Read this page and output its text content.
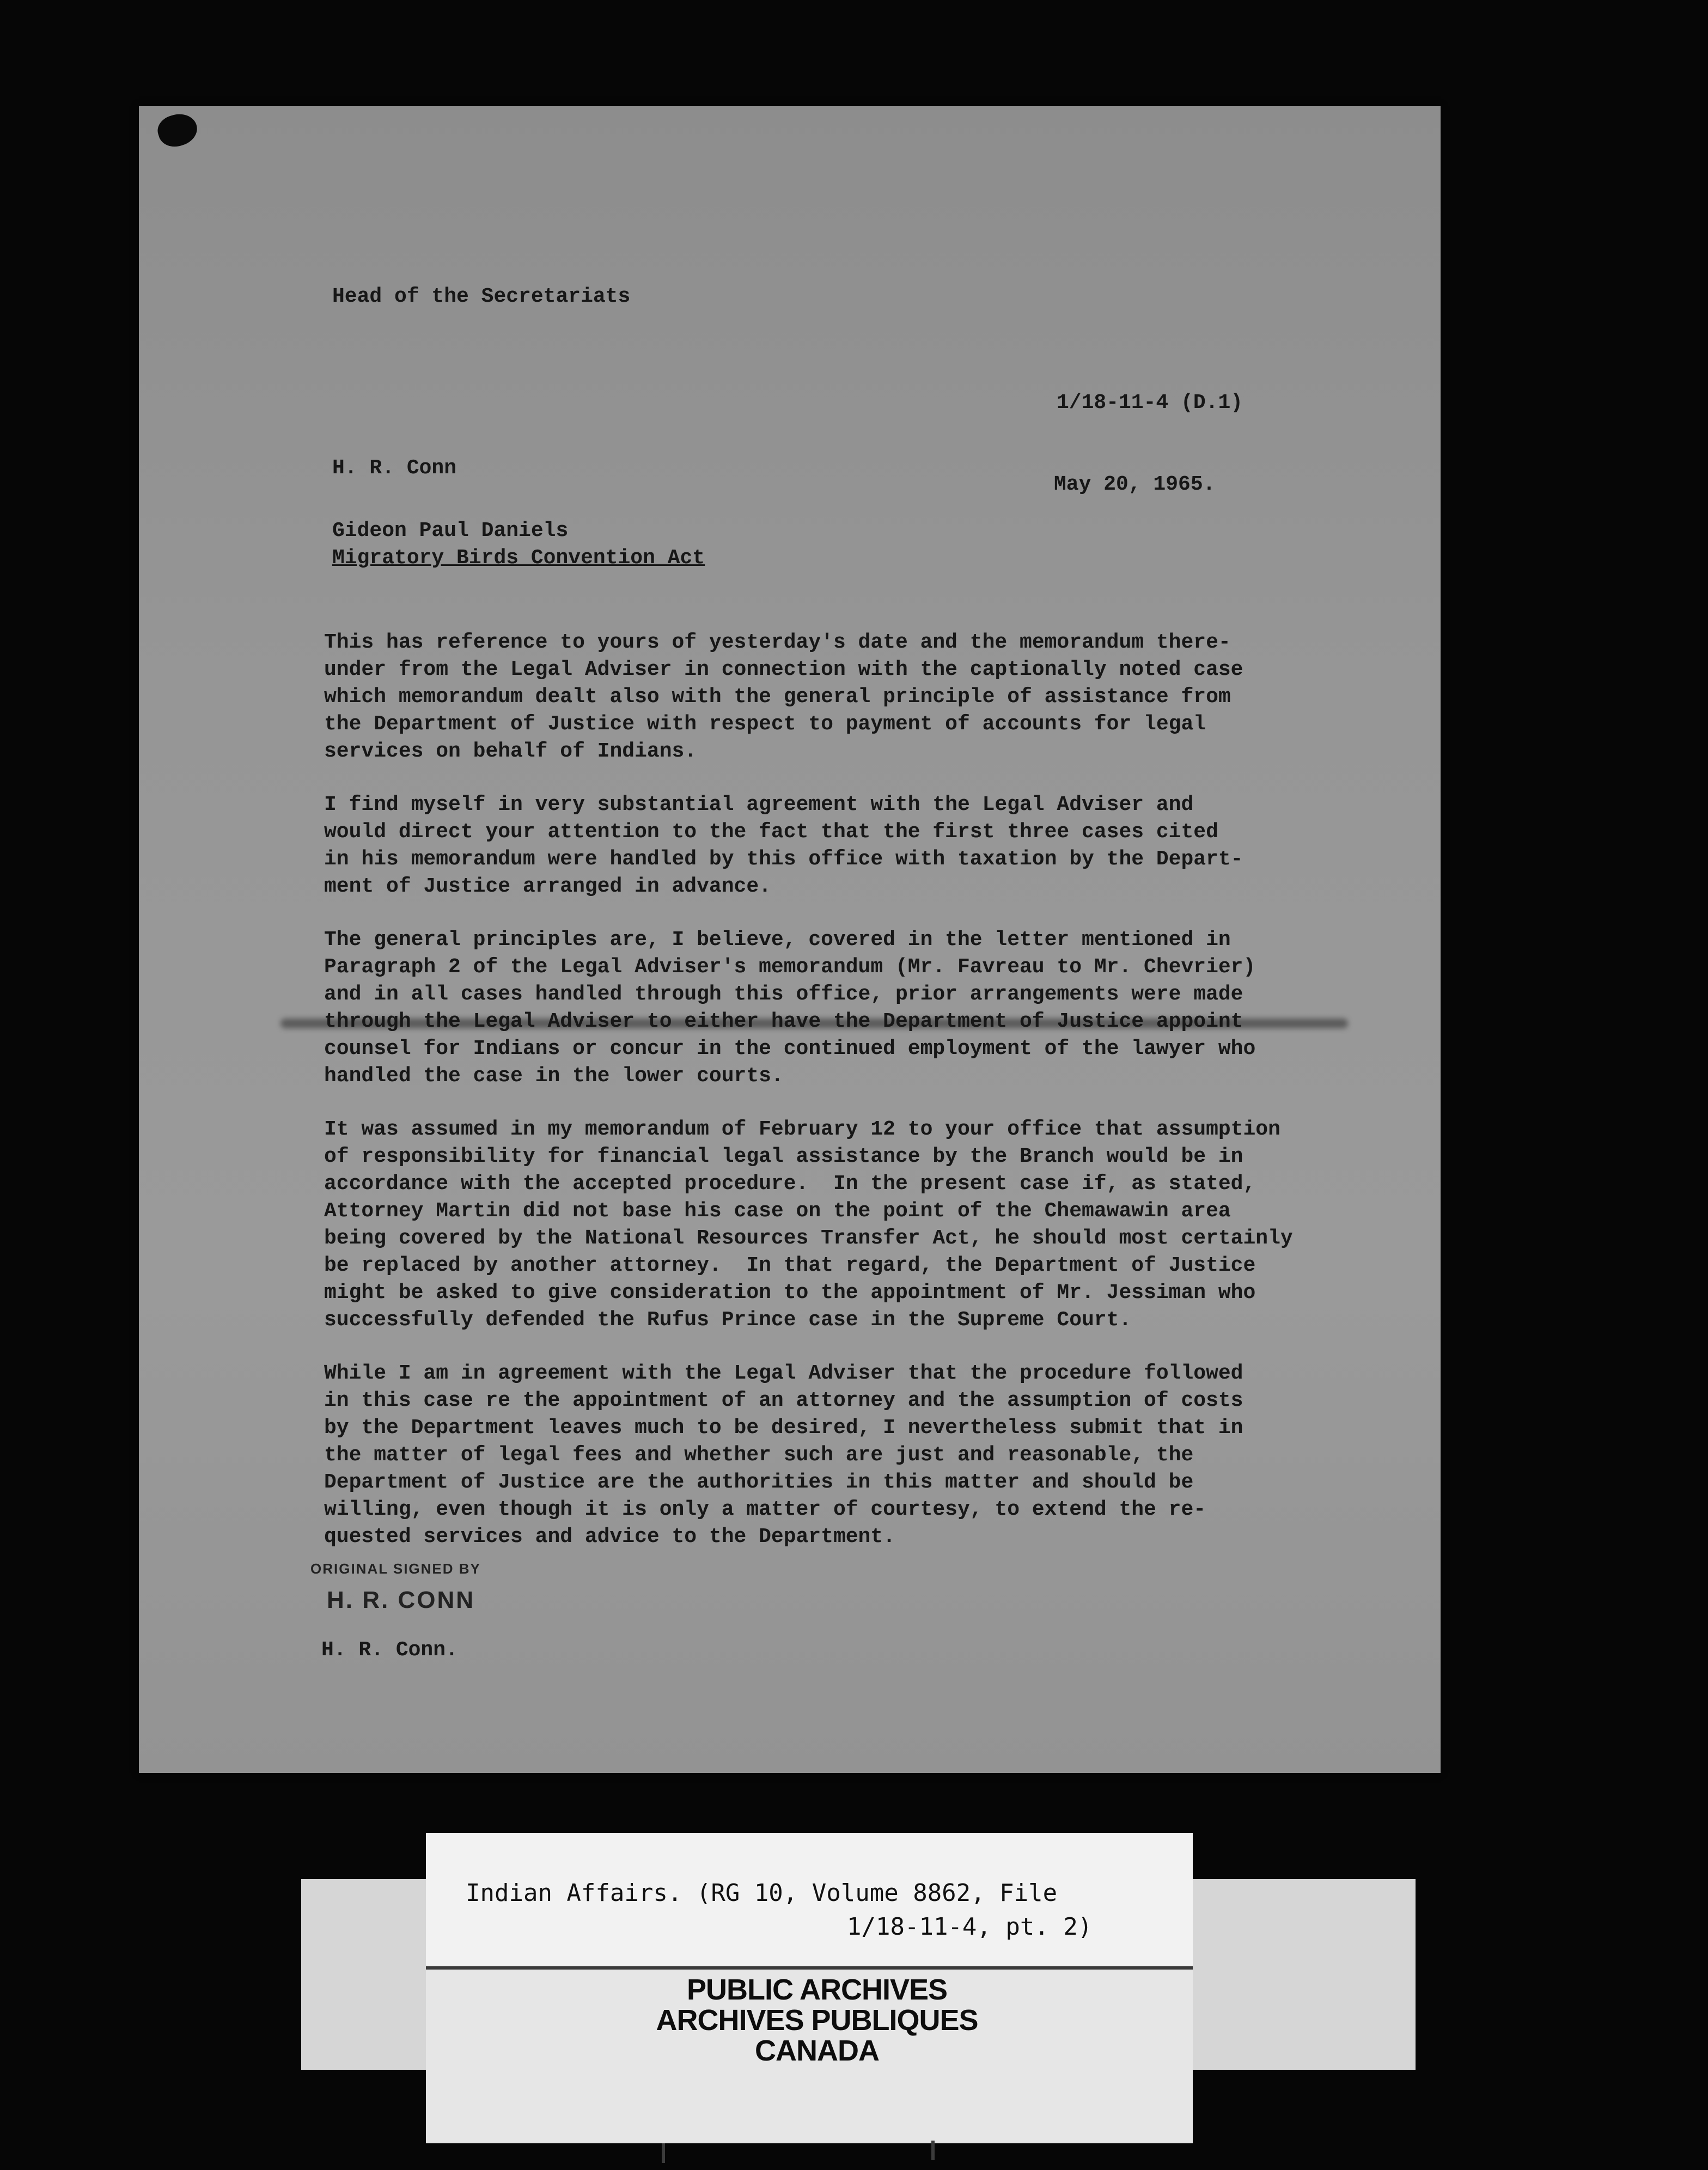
Head of the Secretariats
1/18-11-4 (D.1)
H. R. Conn
May 20, 1965.
Gideon Paul Daniels
Migratory Birds Convention Act

This has reference to yours of yesterday's date and the memorandum there-
under from the Legal Adviser in connection with the captionally noted case
which memorandum dealt also with the general principle of assistance from
the Department of Justice with respect to payment of accounts for legal
services on behalf of Indians.

I find myself in very substantial agreement with the Legal Adviser and
would direct your attention to the fact that the first three cases cited
in his memorandum were handled by this office with taxation by the Depart-
ment of Justice arranged in advance.

The general principles are, I believe, covered in the letter mentioned in
Paragraph 2 of the Legal Adviser's memorandum (Mr. Favreau to Mr. Chevrier)
and in all cases handled through this office, prior arrangements were made
through the Legal Adviser to either have the Department of Justice appoint
counsel for Indians or concur in the continued employment of the lawyer who
handled the case in the lower courts.

It was assumed in my memorandum of February 12 to your office that assumption
of responsibility for financial legal assistance by the Branch would be in
accordance with the accepted procedure.  In the present case if, as stated,
Attorney Martin did not base his case on the point of the Chemawawin area
being covered by the National Resources Transfer Act, he should most certainly
be replaced by another attorney.  In that regard, the Department of Justice
might be asked to give consideration to the appointment of Mr. Jessiman who
successfully defended the Rufus Prince case in the Supreme Court.

While I am in agreement with the Legal Adviser that the procedure followed
in this case re the appointment of an attorney and the assumption of costs
by the Department leaves much to be desired, I nevertheless submit that in
the matter of legal fees and whether such are just and reasonable, the
Department of Justice are the authorities in this matter and should be
willing, even though it is only a matter of courtesy, to extend the re-
quested services and advice to the Department.

ORIGINAL SIGNED BY
H. R. CONN
H. R. Conn.
Indian Affairs. (RG 10, Volume 8862, File
1/18-11-4, pt. 2)
PUBLIC ARCHIVES
ARCHIVES PUBLIQUES
CANADA
